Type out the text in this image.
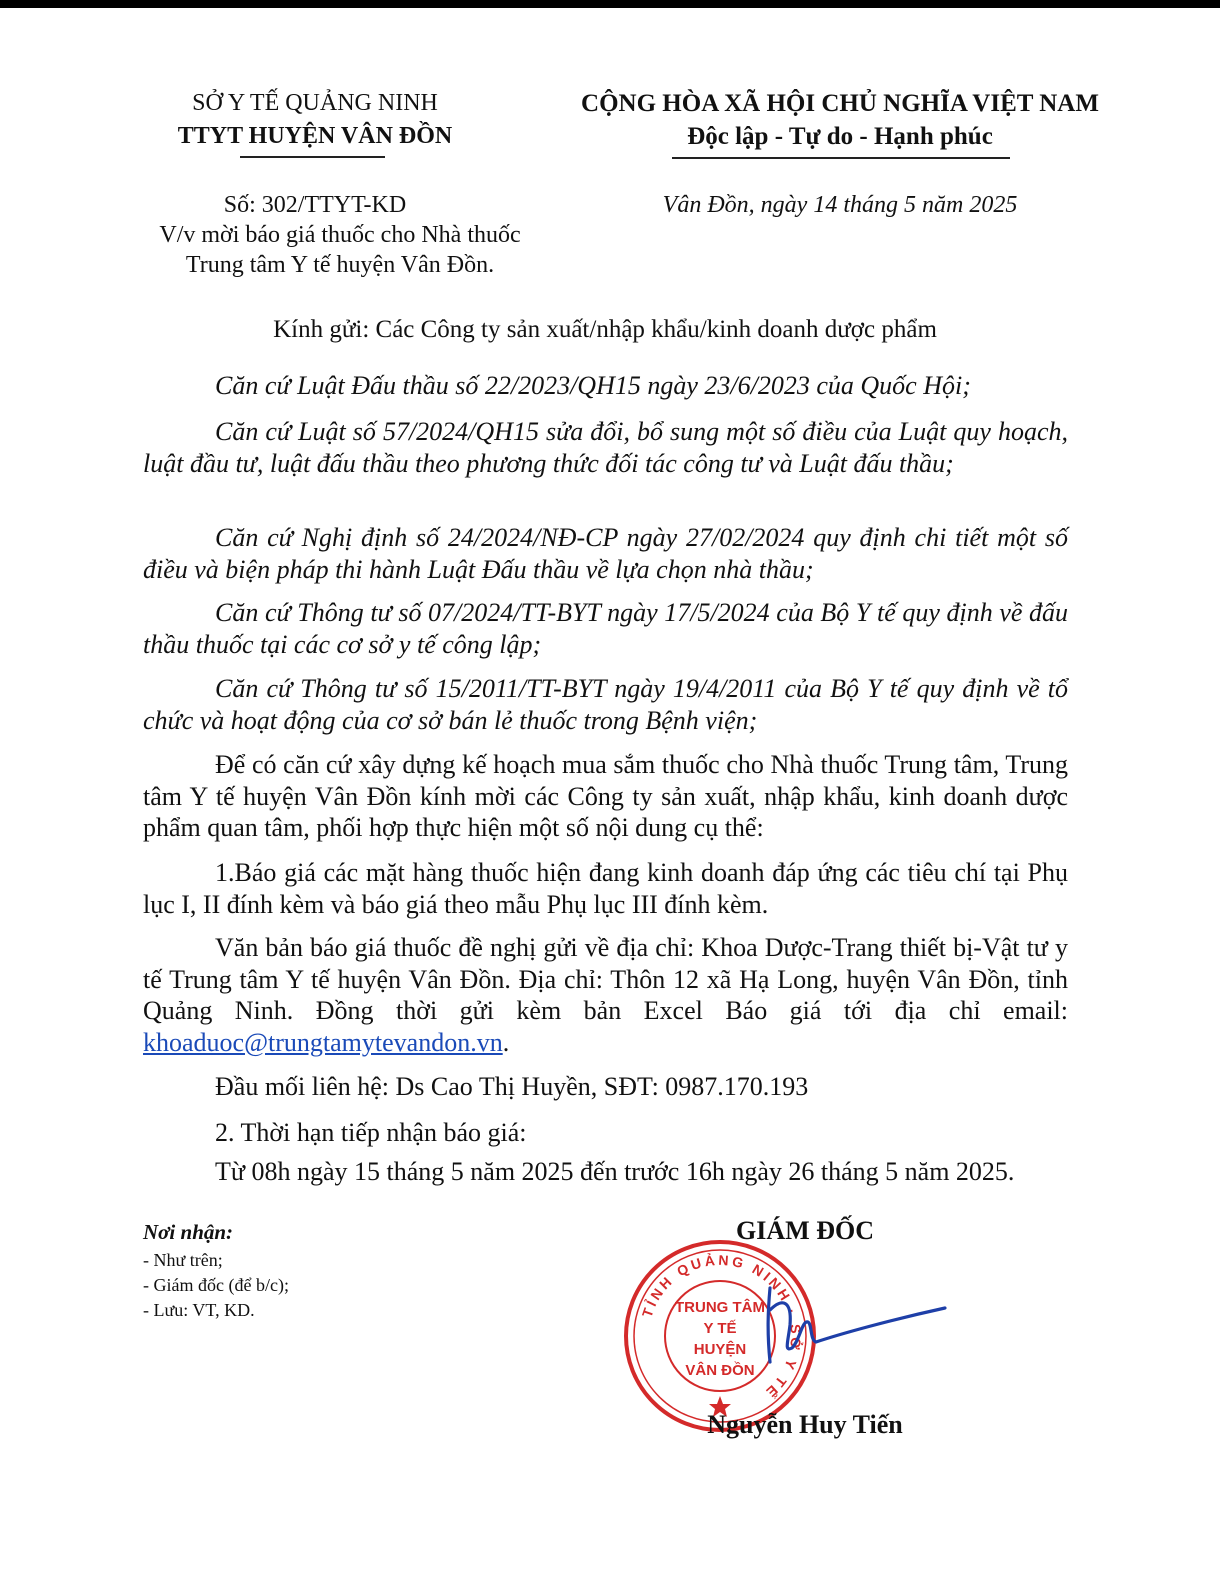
SỞ Y TẾ QUẢNG NINH
TTYT HUYỆN VÂN ĐỒN
CỘNG HÒA XÃ HỘI CHỦ NGHĨA VIỆT NAM
Độc lập - Tự do - Hạnh phúc
Số: 302/TTYT-KD
V/v mời báo giá thuốc cho Nhà thuốc
Trung tâm Y tế huyện Vân Đồn.
Vân Đồn, ngày 14 tháng 5 năm 2025
Kính gửi: Các Công ty sản xuất/nhập khẩu/kinh doanh dược phẩm

Căn cứ Luật Đấu thầu số 22/2023/QH15 ngày 23/6/2023 của Quốc Hội;

Căn cứ Luật số 57/2024/QH15 sửa đổi, bổ sung một số điều của Luật quy hoạch, luật đầu tư, luật đấu thầu theo phương thức đối tác công tư và Luật đấu thầu;

Căn cứ Nghị định số 24/2024/NĐ-CP ngày 27/02/2024 quy định chi tiết một số điều và biện pháp thi hành Luật Đấu thầu về lựa chọn nhà thầu;

Căn cứ Thông tư số 07/2024/TT-BYT ngày 17/5/2024 của Bộ Y tế quy định về đấu thầu thuốc tại các cơ sở y tế công lập;

Căn cứ Thông tư số 15/2011/TT-BYT ngày 19/4/2011 của Bộ Y tế quy định về tổ chức và hoạt động của cơ sở bán lẻ thuốc trong Bệnh viện;

Để có căn cứ xây dựng kế hoạch mua sắm thuốc cho Nhà thuốc Trung tâm, Trung tâm Y tế huyện Vân Đồn kính mời các Công ty sản xuất, nhập khẩu, kinh doanh dược phẩm quan tâm, phối hợp thực hiện một số nội dung cụ thể:

1.Báo giá các mặt hàng thuốc hiện đang kinh doanh đáp ứng các tiêu chí tại Phụ lục I, II đính kèm và báo giá theo mẫu Phụ lục III đính kèm.

Văn bản báo giá thuốc đề nghị gửi về địa chỉ: Khoa Dược-Trang thiết bị-Vật tư y tế Trung tâm Y tế huyện Vân Đồn. Địa chỉ: Thôn 12 xã Hạ Long, huyện Vân Đồn, tỉnh Quảng Ninh. Đồng thời gửi kèm bản Excel Báo giá tới địa chỉ email: khoaduoc@trungtamytevandon.vn.

Đầu mối liên hệ: Ds Cao Thị Huyền, SĐT: 0987.170.193

2. Thời hạn tiếp nhận báo giá:

Từ 08h ngày 15 tháng 5 năm 2025 đến trước 16h ngày 26 tháng 5 năm 2025.

Nơi nhận:
- Như trên;
- Giám đốc (để b/c);
- Lưu: VT, KD.
GIÁM ĐỐC
TỈNH QUẢNG NINH · SỞ Y TẾ
TRUNG TÂM
Y TẾ
HUYỆN
VÂN ĐỒN
Nguyễn Huy Tiến
